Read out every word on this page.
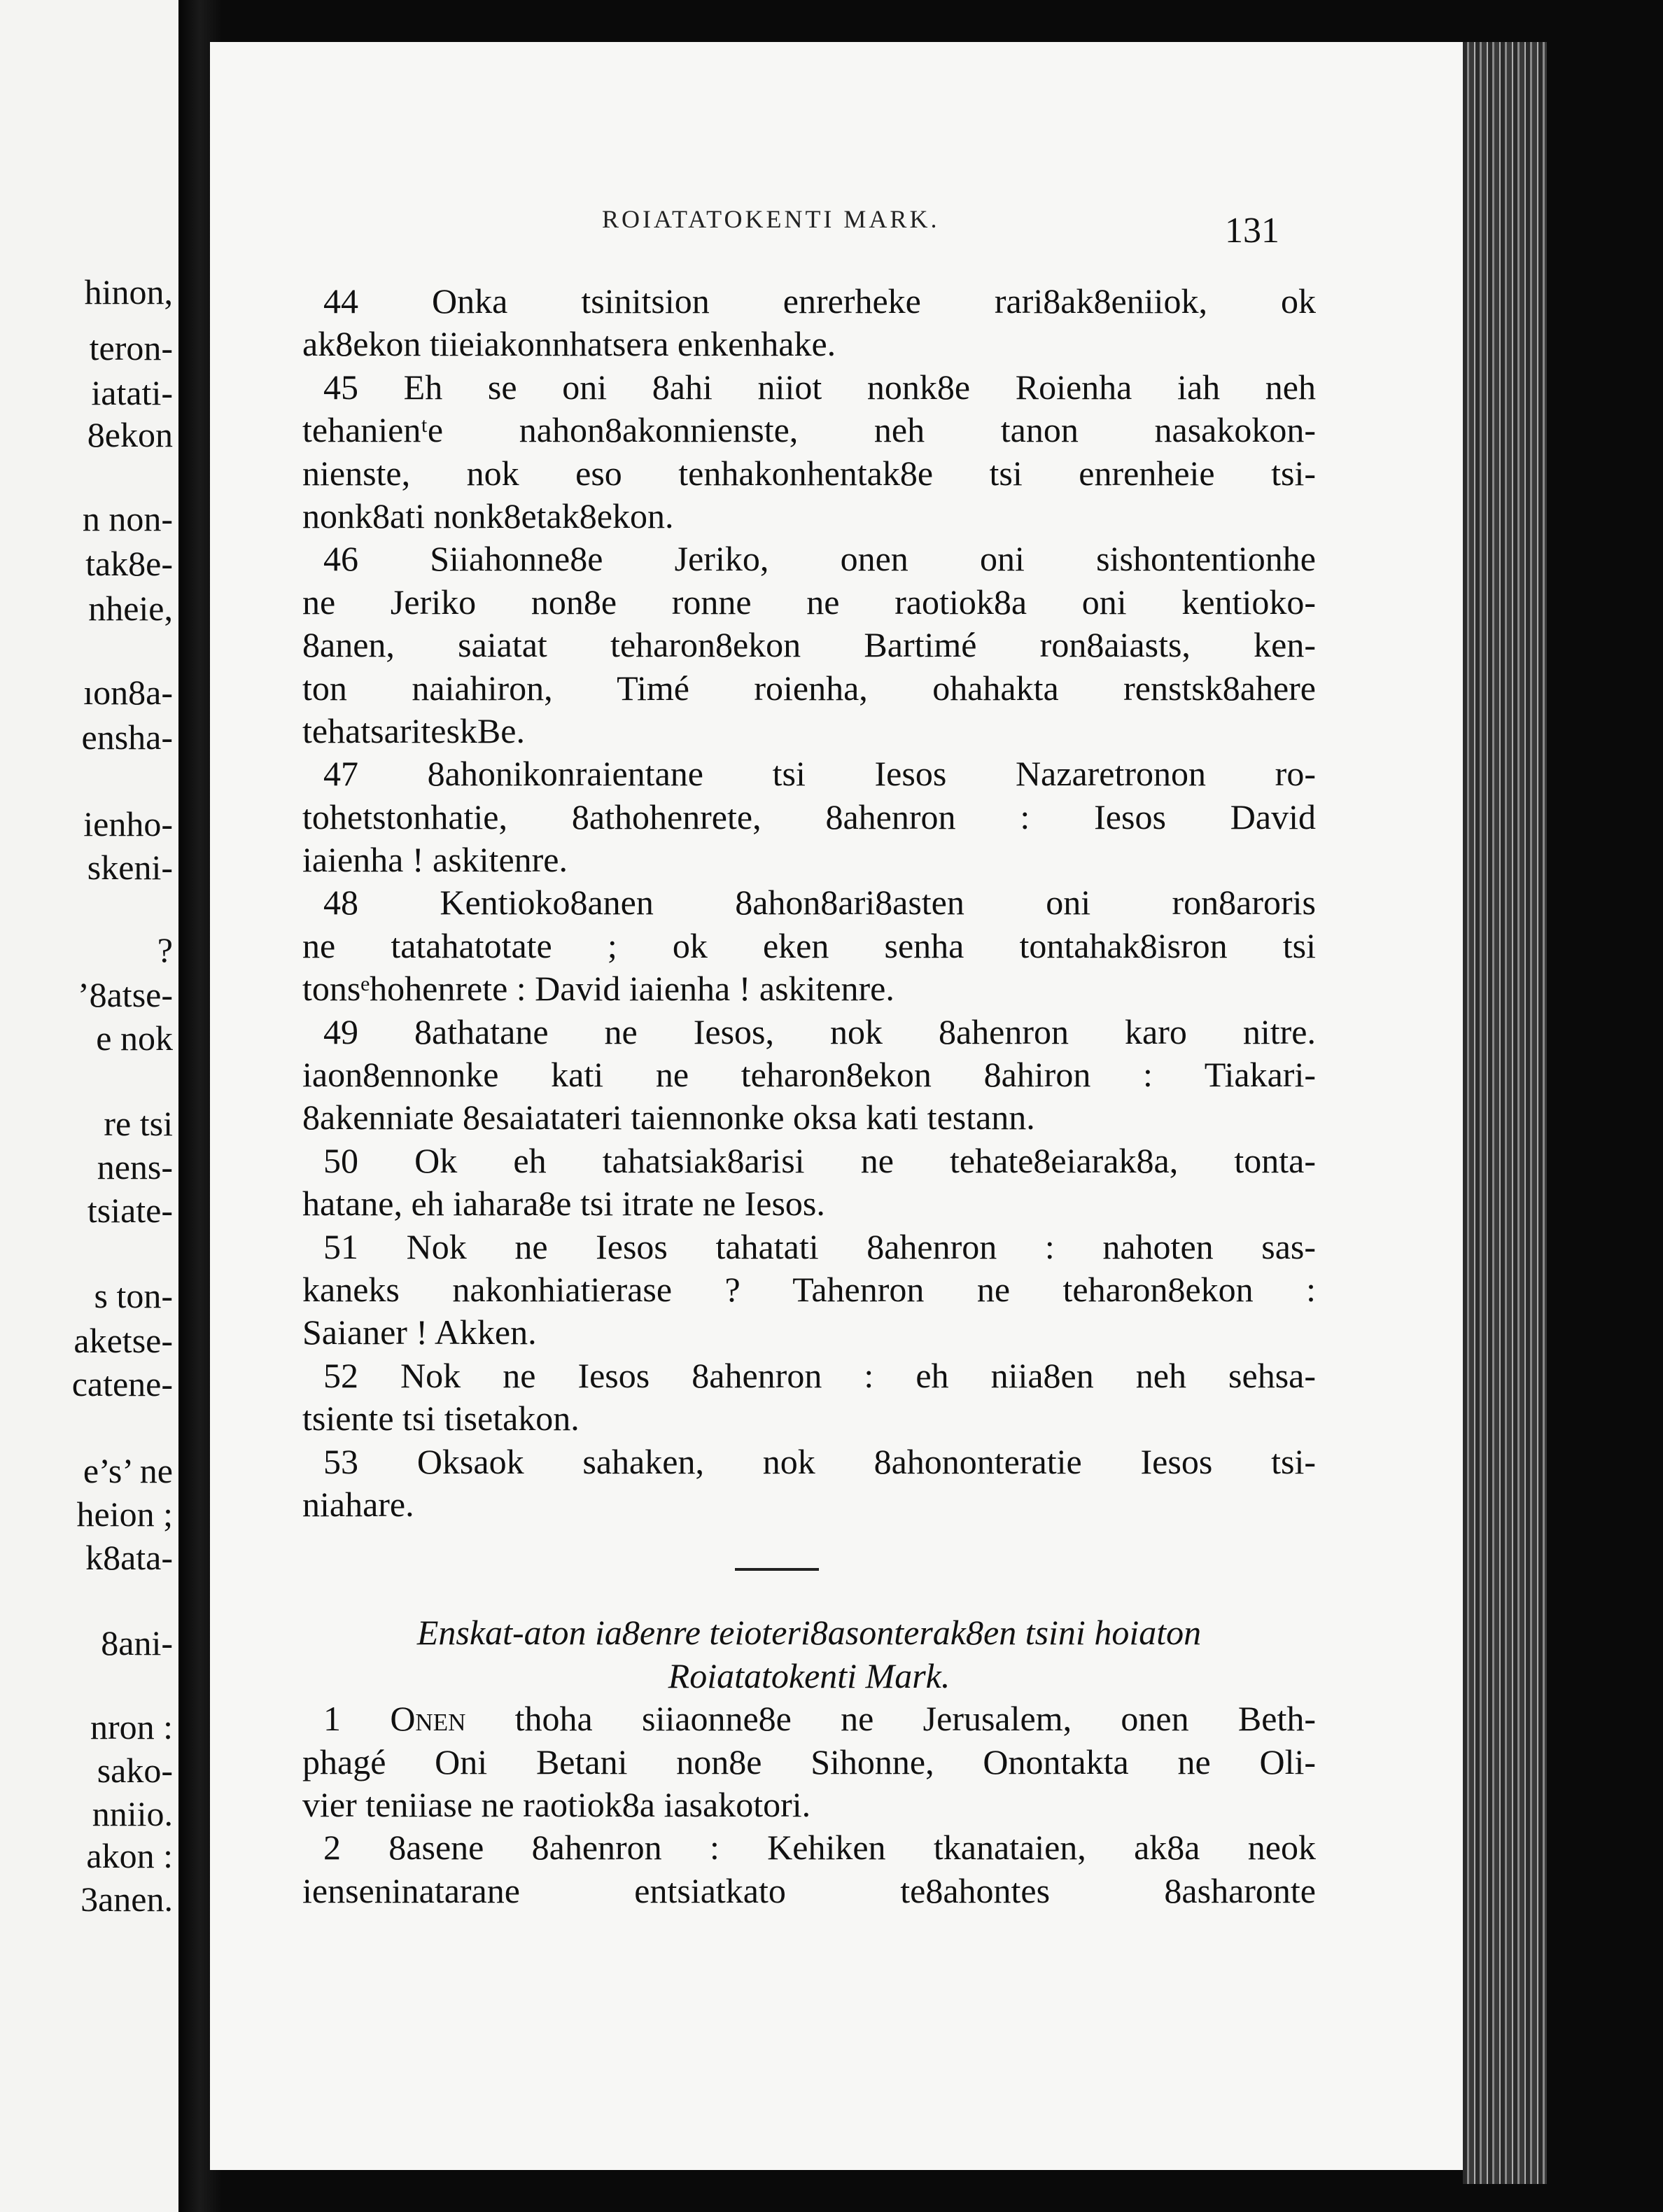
hinon,
teron-
iatati-
8ekon
n non-
tak8e-
nheie,
ıon8a-
ensha-
ienho-
skeni-
?
’8atse-
e nok
re tsi
nens-
tsiate-
s ton-
aketse-
catene-
e’s’ ne
heion ;
k8ata-
8ani-
nron :
sako-
nniio.
akon :
3anen.
ROIATATOKENTI MARK.	131
44 Onka tsinitsion enrerheke rari8ak8eniiok, ok
ak8ekon tiieiakonnhatsera enkenhake.
45 Eh se oni 8ahi niiot nonk8e Roienha iah neh
tehanienᵗe nahon8akonnienste, neh tanon nasakokon-
nienste, nok eso tenhakonhentak8e tsi enrenheie tsi-
nonk8ati nonk8etak8ekon.
46 Siiahonne8e Jeriko, onen oni sishontentionhe
ne Jeriko non8e ronne ne raotiok8a oni kentioko-
8anen, saiatat teharon8ekon Bartimé ron8aiasts, ken-
ton naiahiron, Timé roienha, ohahakta renstsk8ahere
tehatsariteskBe.
47 8ahonikonraientane tsi Iesos Nazaretronon ro-
tohetstonhatie, 8athohenrete, 8ahenron : Iesos David
iaienha ! askitenre.
48 Kentioko8anen 8ahon8ari8asten oni ron8aroris
ne tatahatotate ; ok eken senha tontahak8isron tsi
tonsᵉhohenrete : David iaienha ! askitenre.
49 8athatane ne Iesos, nok 8ahenron karo nitre.
iaon8ennonke kati ne teharon8ekon 8ahiron : Tiakari-
8akenniate 8esaiatateri taiennonke oksa kati testann.
50 Ok eh tahatsiak8arisi ne tehate8eiarak8a, tonta-
hatane, eh iahara8e tsi itrate ne Iesos.
51 Nok ne Iesos tahatati 8ahenron : nahoten sas-
kaneks nakonhiatierase ? Tahenron ne teharon8ekon :
Saianer ! Akken.
52 Nok ne Iesos 8ahenron : eh niia8en neh sehsa-
tsiente tsi tisetakon.
53 Oksaok sahaken, nok 8ahononteratie Iesos tsi-
niahare.
Enskat-aton ia8enre teioteri8asonterak8en tsini hoiaton
Roiatatokenti Mark.
1 Onen thoha siiaonne8e ne Jerusalem, onen Beth-
phagé Oni Betani non8e Sihonne, Onontakta ne Oli-
vier teniiase ne raotiok8a iasakotori.
2 8asene 8ahenron : Kehiken tkanataien, ak8a neok
ienseninatarane entsiatkato te8ahontes 8asharonte
